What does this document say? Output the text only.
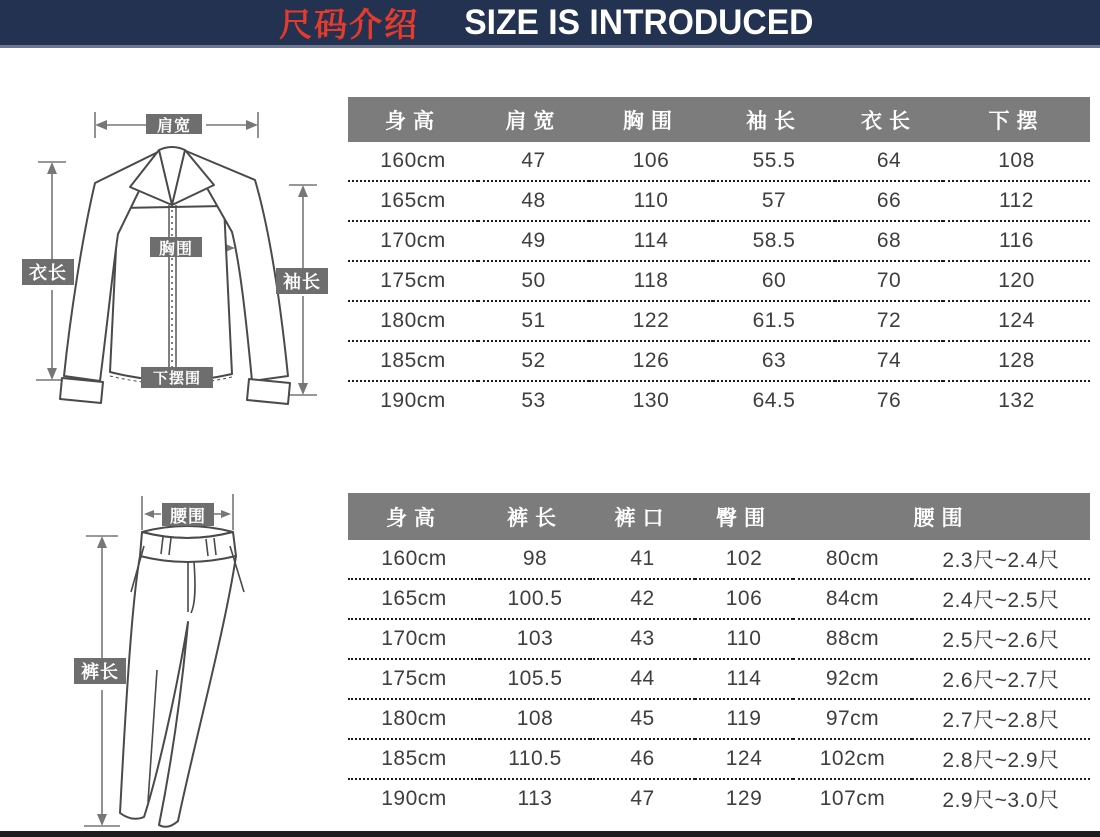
尺码介绍 SIZE IS INTRODUCED
肩宽
胸围
衣长	袖长
下摆围
腰围
裤长
身高	肩宽	胸围	袖长	衣长	下摆
160cm	47	106	55.5	64	108
165cm	48	110	57	66	112
170cm	49	114	58.5	68	116
175cm	50	118	60	70	120
180cm	51	122	61.5	72	124
185cm	52	126	63	74	128
190cm	53	130	64.5	76	132
身高	裤长	裤口	臀围	腰围	
160cm	98	41	102	80cm	2.3尺~2.4尺
165cm	100.5	42	106	84cm	2.4尺~2.5尺
170cm	103	43	110	88cm	2.5尺~2.6尺
175cm	105.5	44	114	92cm	2.6尺~2.7尺
180cm	108	45	119	97cm	2.7尺~2.8尺
185cm	110.5	46	124	102cm	2.8尺~2.9尺
190cm	113	47	129	107cm	2.9尺~3.0尺
